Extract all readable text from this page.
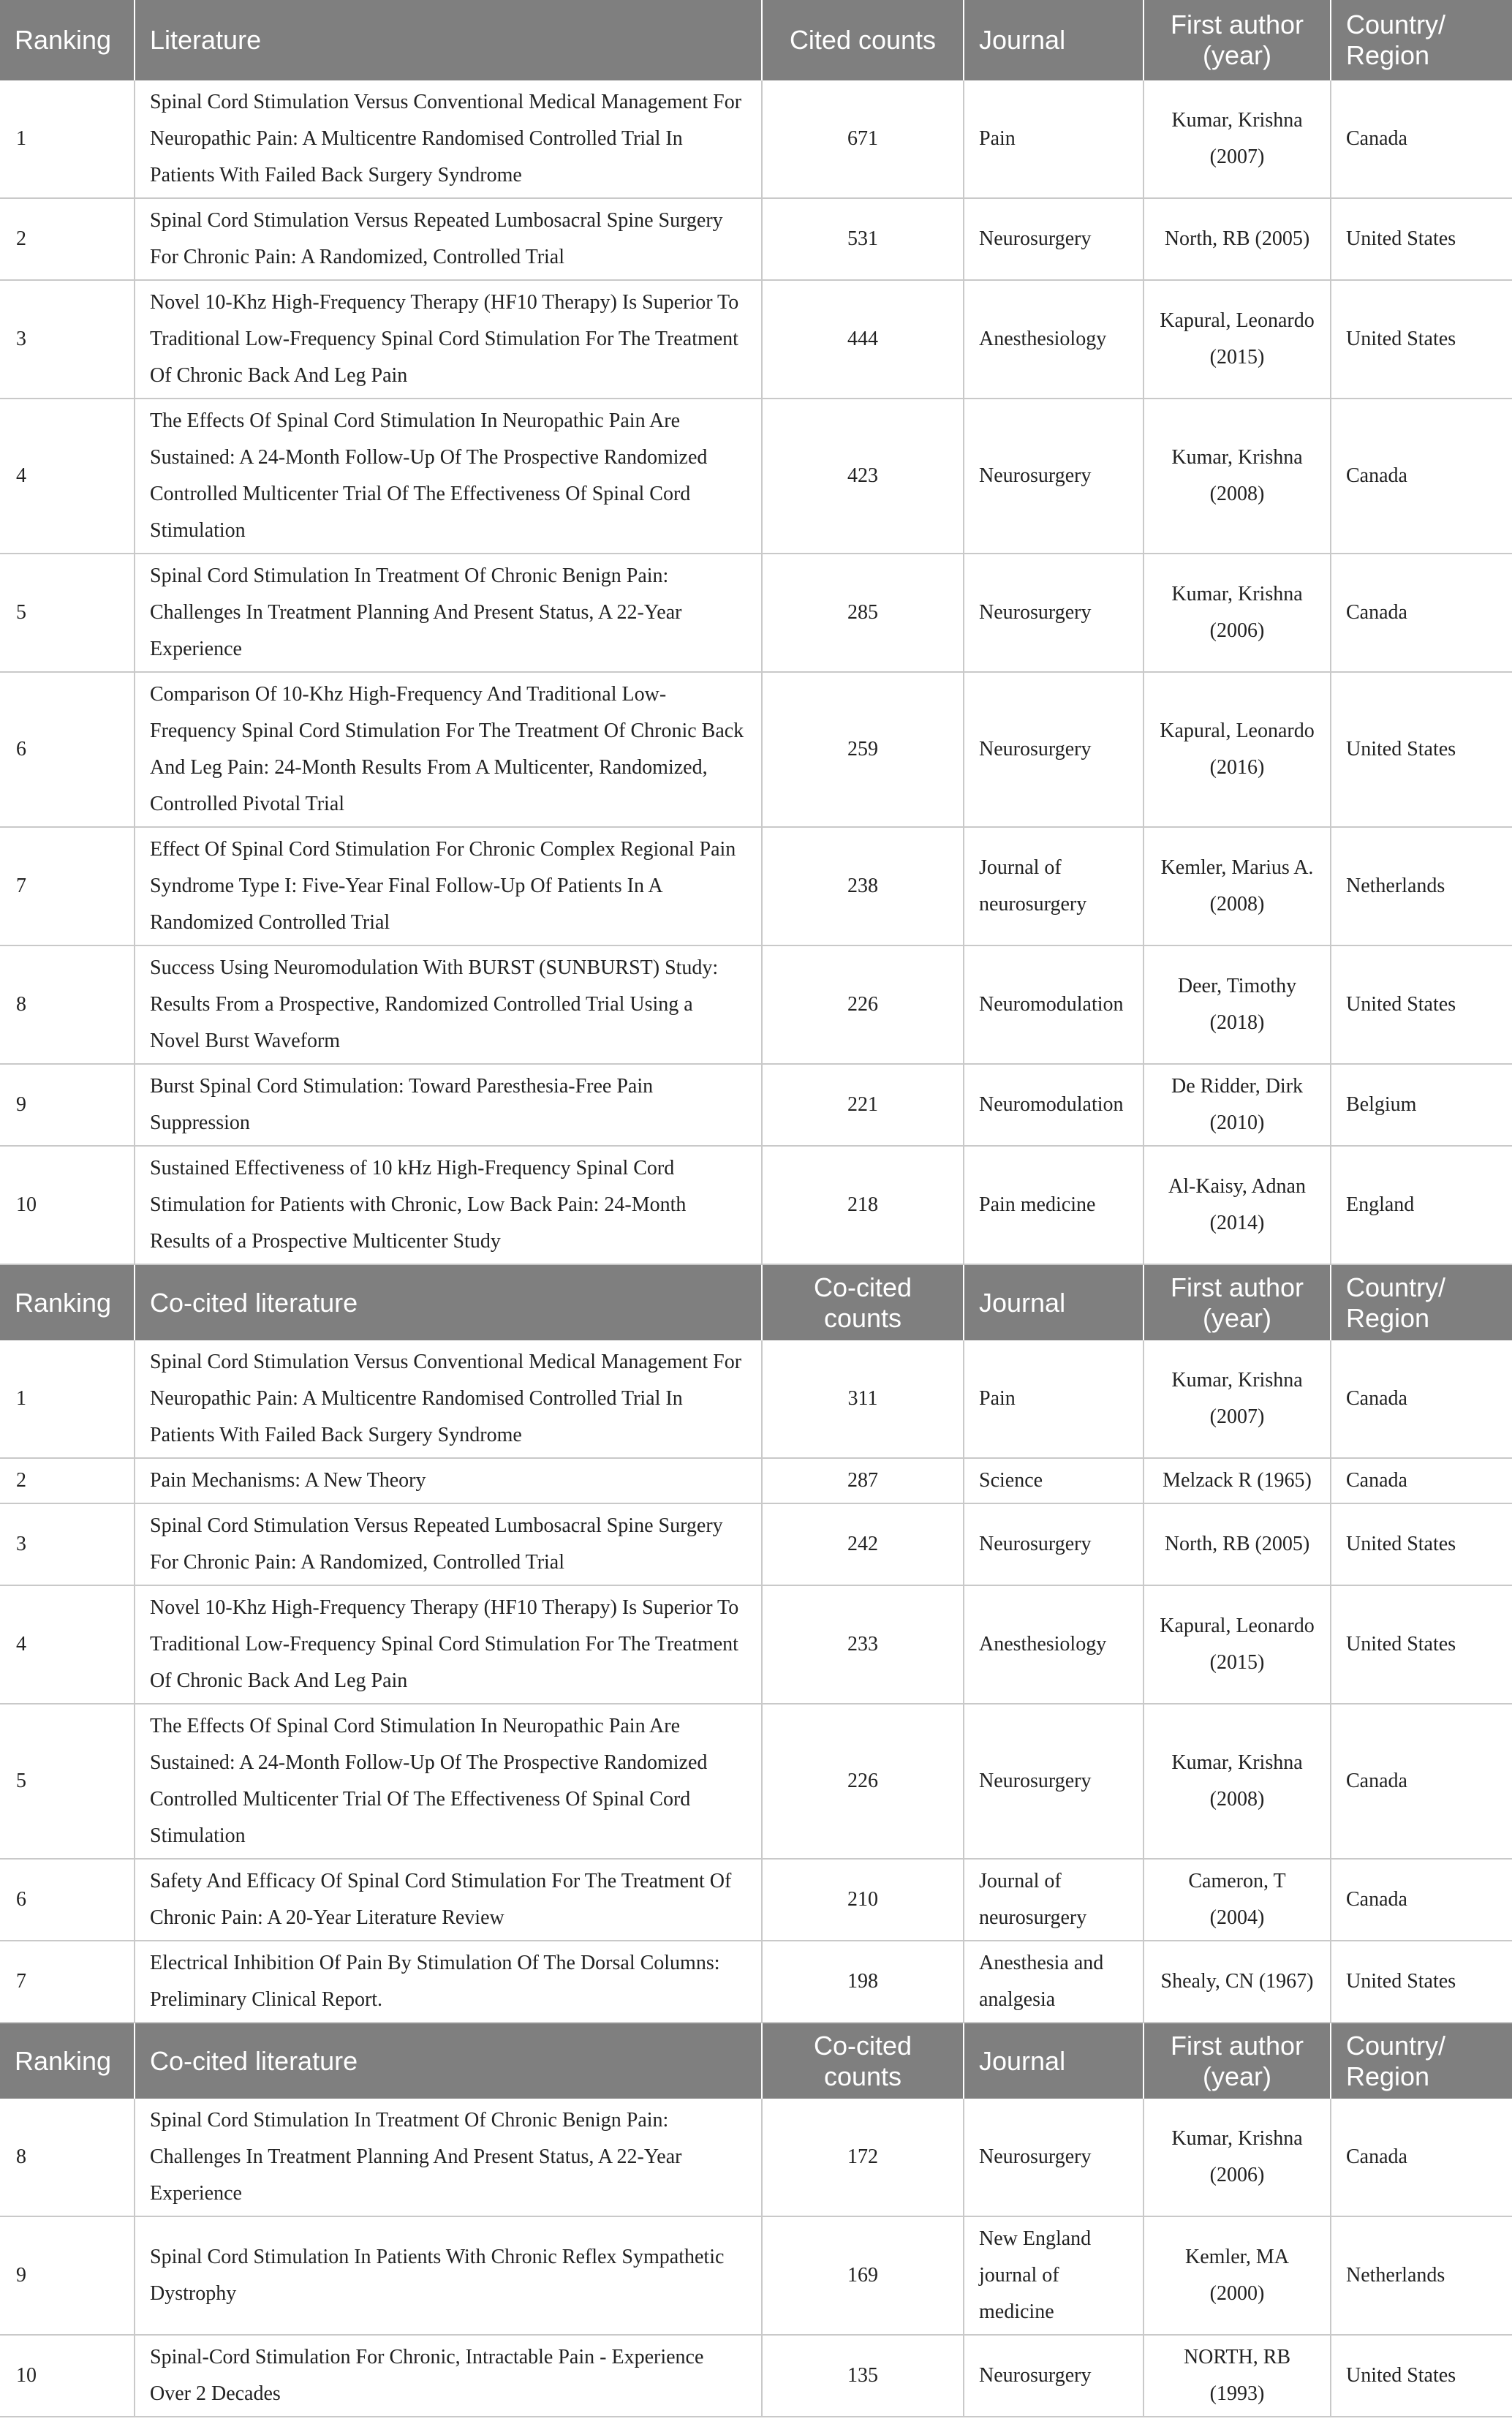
Ranking	Literature	Cited counts	Journal	First author (year)	Country/ Region
1	Spinal Cord Stimulation Versus Conventional Medical Management For Neuropathic Pain: A Multicentre Randomised Controlled Trial In Patients With Failed Back Surgery Syndrome	671	Pain	Kumar, Krishna (2007)	Canada
2	Spinal Cord Stimulation Versus Repeated Lumbosacral Spine Surgery For Chronic Pain: A Randomized, Controlled Trial	531	Neurosurgery	North, RB (2005)	United States
3	Novel 10-Khz High-Frequency Therapy (HF10 Therapy) Is Superior To Traditional Low-Frequency Spinal Cord Stimulation For The Treatment Of Chronic Back And Leg Pain	444	Anesthesiology	Kapural, Leonardo (2015)	United States
4	The Effects Of Spinal Cord Stimulation In Neuropathic Pain Are Sustained: A 24-Month Follow-Up Of The Prospective Randomized Controlled Multicenter Trial Of The Effectiveness Of Spinal Cord Stimulation	423	Neurosurgery	Kumar, Krishna (2008)	Canada
5	Spinal Cord Stimulation In Treatment Of Chronic Benign Pain: Challenges In Treatment Planning And Present Status, A 22-Year Experience	285	Neurosurgery	Kumar, Krishna (2006)	Canada
6	Comparison Of 10-Khz High-Frequency And Traditional Low-Frequency Spinal Cord Stimulation For The Treatment Of Chronic Back And Leg Pain: 24-Month Results From A Multicenter, Randomized, Controlled Pivotal Trial	259	Neurosurgery	Kapural, Leonardo (2016)	United States
7	Effect Of Spinal Cord Stimulation For Chronic Complex Regional Pain Syndrome Type I: Five-Year Final Follow-Up Of Patients In A Randomized Controlled Trial	238	Journal of neurosurgery	Kemler, Marius A. (2008)	Netherlands
8	Success Using Neuromodulation With BURST (SUNBURST) Study: Results From a Prospective, Randomized Controlled Trial Using a Novel Burst Waveform	226	Neuromodulation	Deer, Timothy (2018)	United States
9	Burst Spinal Cord Stimulation: Toward Paresthesia-Free Pain Suppression	221	Neuromodulation	De Ridder, Dirk (2010)	Belgium
10	Sustained Effectiveness of 10 kHz High-Frequency Spinal Cord Stimulation for Patients with Chronic, Low Back Pain: 24-Month Results of a Prospective Multicenter Study	218	Pain medicine	Al-Kaisy, Adnan (2014)	England
Ranking	Co-cited literature	Co-cited counts	Journal	First author (year)	Country/ Region
1	Spinal Cord Stimulation Versus Conventional Medical Management For Neuropathic Pain: A Multicentre Randomised Controlled Trial In Patients With Failed Back Surgery Syndrome	311	Pain	Kumar, Krishna (2007)	Canada
2	Pain Mechanisms: A New Theory	287	Science	Melzack R (1965)	Canada
3	Spinal Cord Stimulation Versus Repeated Lumbosacral Spine Surgery For Chronic Pain: A Randomized, Controlled Trial	242	Neurosurgery	North, RB (2005)	United States
4	Novel 10-Khz High-Frequency Therapy (HF10 Therapy) Is Superior To Traditional Low-Frequency Spinal Cord Stimulation For The Treatment Of Chronic Back And Leg Pain	233	Anesthesiology	Kapural, Leonardo (2015)	United States
5	The Effects Of Spinal Cord Stimulation In Neuropathic Pain Are Sustained: A 24-Month Follow-Up Of The Prospective Randomized Controlled Multicenter Trial Of The Effectiveness Of Spinal Cord Stimulation	226	Neurosurgery	Kumar, Krishna (2008)	Canada
6	Safety And Efficacy Of Spinal Cord Stimulation For The Treatment Of Chronic Pain: A 20-Year Literature Review	210	Journal of neurosurgery	Cameron, T (2004)	Canada
7	Electrical Inhibition Of Pain By Stimulation Of The Dorsal Columns: Preliminary Clinical Report.	198	Anesthesia and analgesia	Shealy, CN (1967)	United States
Ranking	Co-cited literature	Co-cited counts	Journal	First author (year)	Country/ Region
8	Spinal Cord Stimulation In Treatment Of Chronic Benign Pain: Challenges In Treatment Planning And Present Status, A 22-Year Experience	172	Neurosurgery	Kumar, Krishna (2006)	Canada
9	Spinal Cord Stimulation In Patients With Chronic Reflex Sympathetic Dystrophy	169	New England journal of medicine	Kemler, MA (2000)	Netherlands
10	Spinal-Cord Stimulation For Chronic, Intractable Pain - Experience Over 2 Decades	135	Neurosurgery	NORTH, RB (1993)	United States
